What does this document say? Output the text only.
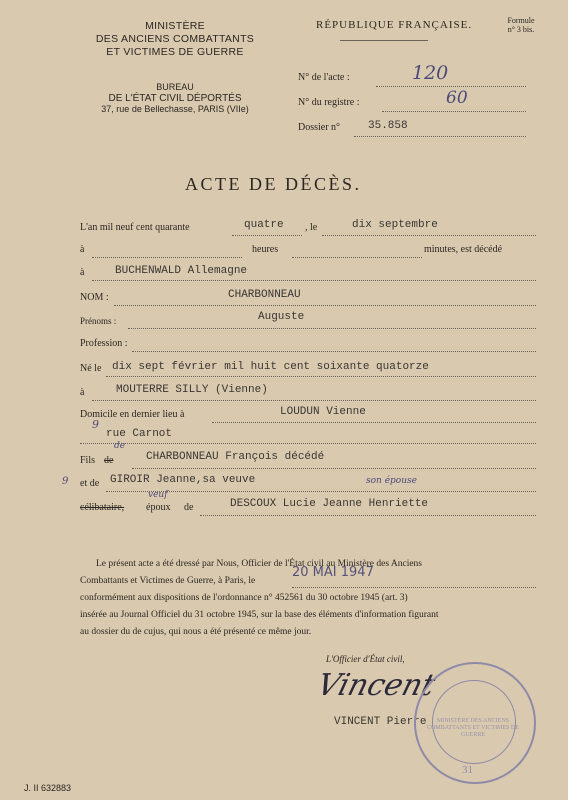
MINISTÈRE
DES ANCIENS COMBATTANTS
ET VICTIMES DE GUERRE
BUREAU
DE L'ÉTAT CIVIL DÉPORTÉS
37, rue de Bellechasse, PARIS (VIIe)
RÉPUBLIQUE FRANÇAISE.	Formule
n° 3 bis.
N° de l'acte :	120
N° du registre :	60
Dossier n°	35.858
ACTE DE DÉCÈS.
L'an mil neuf cent quarante	quatre , le	dix septembre
à	heures	minutes, est décédé
à	BUCHENWALD Allemagne
NOM :	CHARBONNEAU
Prénoms :	Auguste
Profession :
Né le dix sept février mil huit cent soixante quatorze
à	MOUTERRE SILLY (Vienne)
Domicile en dernier lieu à	LOUDUN Vienne
9
rue Carnot
9
Fils de
de
CHARBONNEAU François décédé
et de GIROIR Jeanne,sa veuve	son épouse
célibataire, époux
veuf
de	DESCOUX Lucie Jeanne Henriette
Le présent acte a été dressé par Nous, Officier de l'État civil au Ministère des Anciens
Combattants et Victimes de Guerre, à Paris, le
20 MAI 1947
conformément aux dispositions de l'ordonnance n° 452561 du 30 octobre 1945 (art. 3)
insérée au Journal Officiel du 31 octobre 1945, sur la base des éléments d'information figurant
au dossier du de cujus, qui nous a été présenté ce même jour.
L'Officier d'État civil,
Vincent
VINCENT Pierre	MINISTÈRE DES ANCIENS COMBATTANTS ET VICTIMES DE GUERRE
31
J. II 632883
